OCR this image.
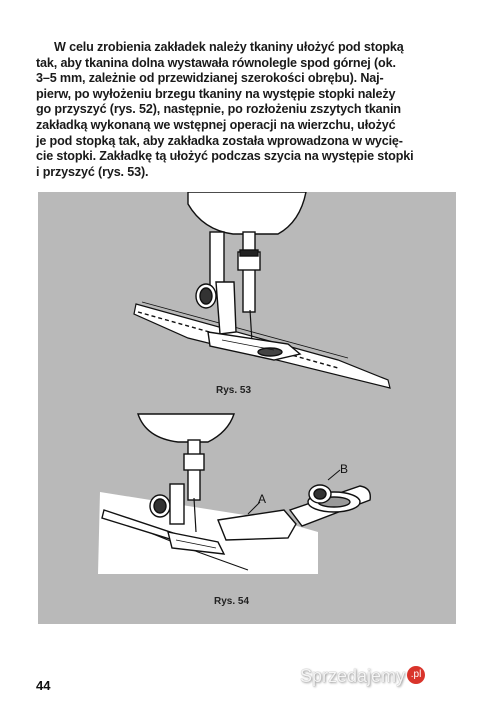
W celu zrobienia zakładek należy tkaniny ułożyć pod stopką
tak, aby tkanina dolna wystawała równolegle spod górnej (ok.
3–5 mm, zależnie od przewidzianej szerokości obrębu). Naj-
pierw, po wyłożeniu brzegu tkaniny na występie stopki należy
go przyszyć (rys. 52), następnie, po rozłożeniu zszytych tkanin
zakładką wykonaną we wstępnej operacji na wierzchu, ułożyć
je pod stopką tak, aby zakładka została wprowadzona w wycię-
cie stopki. Zakładkę tą ułożyć podczas szycia na występie stopki
i przyszyć (rys. 53).
Rys. 53
Rys. 54
A
B
44	Sprzedajemy .pl
